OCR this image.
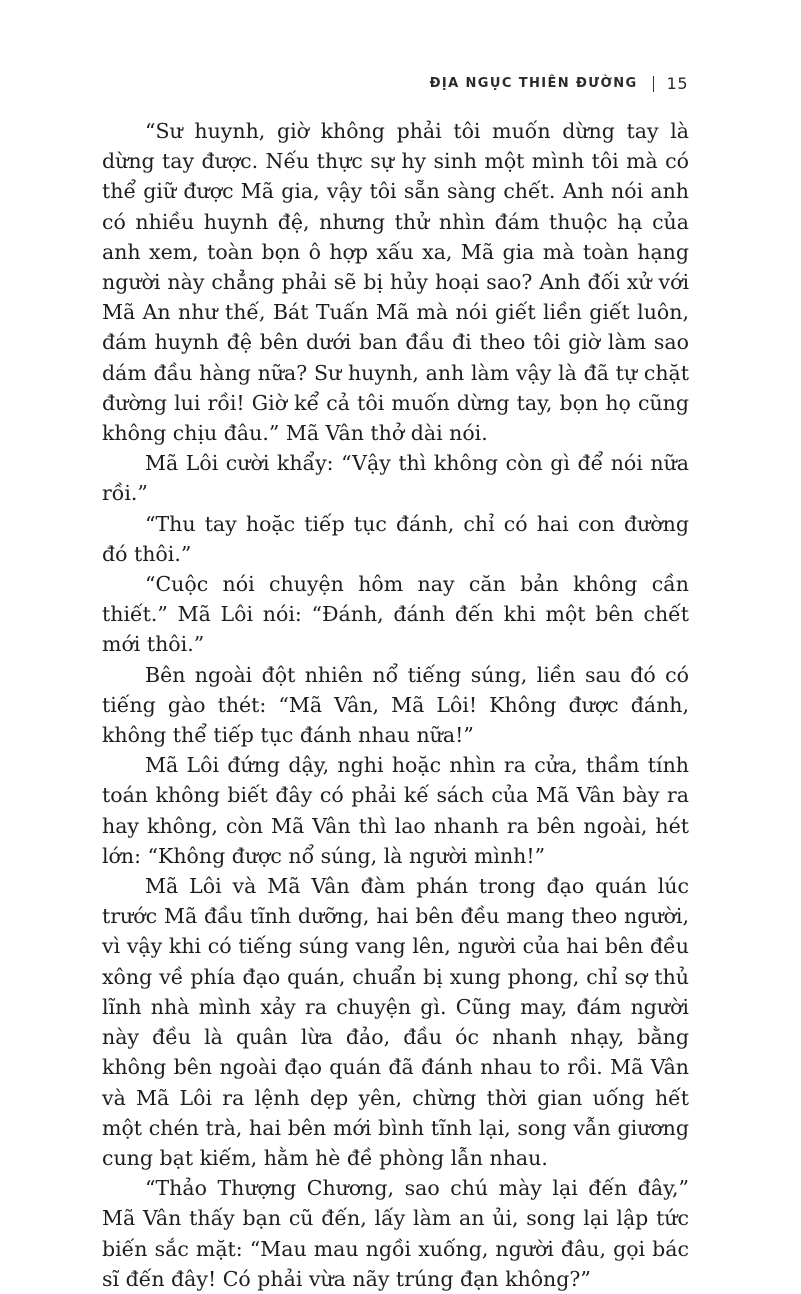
ĐỊA NGỤC THIÊN ĐƯỜNG 15

“Sư huynh, giờ không phải tôi muốn dừng tay là dừng tay được. Nếu thực sự hy sinh một mình tôi mà có thể giữ được Mã gia, vậy tôi sẵn sàng chết. Anh nói anh có nhiều huynh đệ, nhưng thử nhìn đám thuộc hạ của anh xem, toàn bọn ô hợp xấu xa, Mã gia mà toàn hạng người này chẳng phải sẽ bị hủy hoại sao? Anh đối xử với Mã An như thế, Bát Tuấn Mã mà nói giết liền giết luôn, đám huynh đệ bên dưới ban đầu đi theo tôi giờ làm sao dám đầu hàng nữa? Sư huynh, anh làm vậy là đã tự chặt đường lui rồi! Giờ kể cả tôi muốn dừng tay, bọn họ cũng không chịu đâu.” Mã Vân thở dài nói.

Mã Lôi cười khẩy: “Vậy thì không còn gì để nói nữa rồi.”

“Thu tay hoặc tiếp tục đánh, chỉ có hai con đường đó thôi.”

“Cuộc nói chuyện hôm nay căn bản không cần thiết.” Mã Lôi nói: “Đánh, đánh đến khi một bên chết mới thôi.”

Bên ngoài đột nhiên nổ tiếng súng, liền sau đó có tiếng gào thét: “Mã Vân, Mã Lôi! Không được đánh, không thể tiếp tục đánh nhau nữa!”

Mã Lôi đứng dậy, nghi hoặc nhìn ra cửa, thầm tính toán không biết đây có phải kế sách của Mã Vân bày ra hay không, còn Mã Vân thì lao nhanh ra bên ngoài, hét lớn: “Không được nổ súng, là người mình!”

Mã Lôi và Mã Vân đàm phán trong đạo quán lúc trước Mã đầu tĩnh dưỡng, hai bên đều mang theo người, vì vậy khi có tiếng súng vang lên, người của hai bên đều xông về phía đạo quán, chuẩn bị xung phong, chỉ sợ thủ lĩnh nhà mình xảy ra chuyện gì. Cũng may, đám người này đều là quân lừa đảo, đầu óc nhanh nhạy, bằng không bên ngoài đạo quán đã đánh nhau to rồi. Mã Vân và Mã Lôi ra lệnh dẹp yên, chừng thời gian uống hết một chén trà, hai bên mới bình tĩnh lại, song vẫn giương cung bạt kiếm, hằm hè đề phòng lẫn nhau.

“Thảo Thượng Chương, sao chú mày lại đến đây,” Mã Vân thấy bạn cũ đến, lấy làm an ủi, song lại lập tức biến sắc mặt: “Mau mau ngồi xuống, người đâu, gọi bác sĩ đến đây! Có phải vừa nãy trúng đạn không?”
